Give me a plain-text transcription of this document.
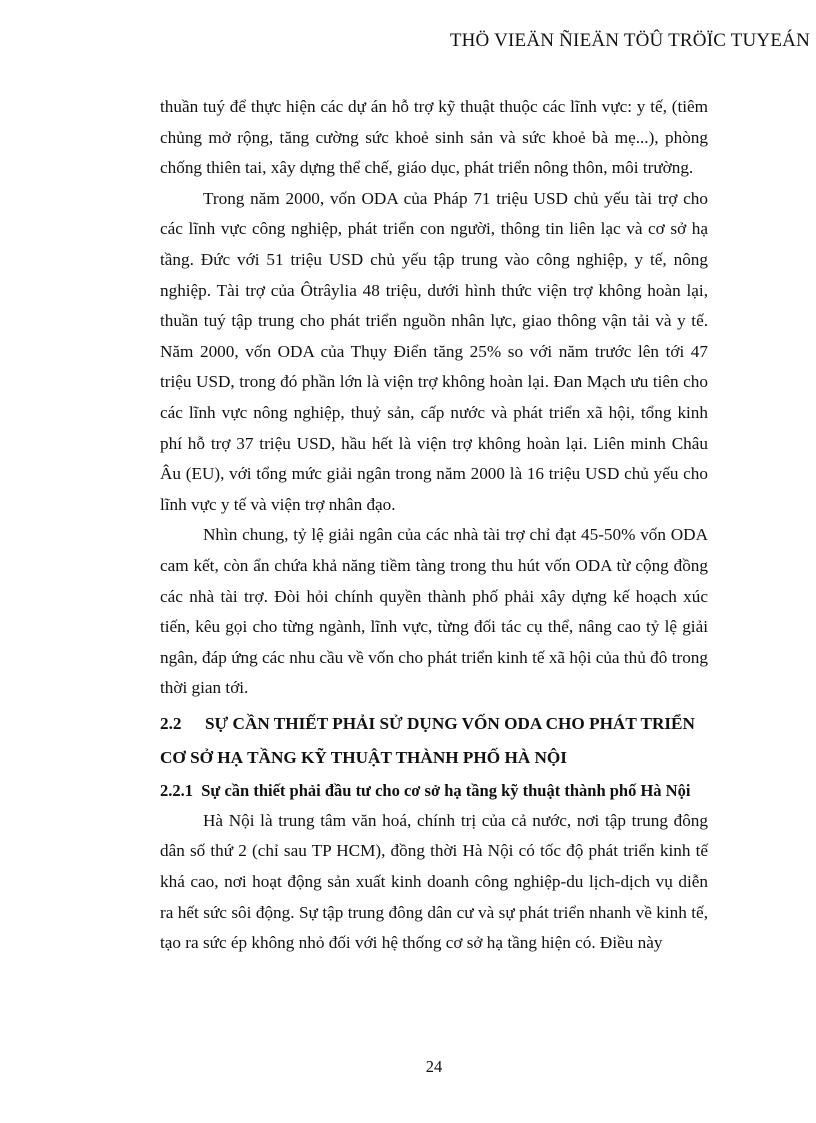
THÖ VIEÄN ÑIEÄN TÖÛ TRÖÏC TUYEÁN

thuần tuý để thực hiện các dự án hỗ trợ kỹ thuật thuộc các lĩnh vực: y tế, (tiêm chủng mở rộng, tăng cường sức khoẻ sinh sản và sức khoẻ bà mẹ...), phòng chống thiên tai, xây dựng thể chế, giáo dục, phát triển nông thôn, môi trường.

Trong năm 2000, vốn ODA của Pháp 71 triệu USD chủ yếu tài trợ cho các lĩnh vực công nghiệp, phát triển con người, thông tin liên lạc và cơ sở hạ tầng. Đức với 51 triệu USD chủ yếu tập trung vào công nghiệp, y tế, nông nghiệp. Tài trợ của Ôtrâylia 48 triệu, dưới hình thức viện trợ không hoàn lại, thuần tuý tập trung cho phát triển nguồn nhân lực, giao thông vận tải và y tế. Năm 2000, vốn ODA của Thụy Điển tăng 25% so với năm trước lên tới 47 triệu USD, trong đó phần lớn là viện trợ không hoàn lại. Đan Mạch ưu tiên cho các lĩnh vực nông nghiệp, thuỷ sản, cấp nước và phát triển xã hội, tổng kinh phí hỗ trợ 37 triệu USD, hầu hết là viện trợ không hoàn lại. Liên minh Châu Âu (EU), với tổng mức giải ngân trong năm 2000 là 16 triệu USD chủ yếu cho lĩnh vực y tế và viện trợ nhân đạo.

Nhìn chung, tỷ lệ giải ngân của các nhà tài trợ chỉ đạt 45-50% vốn ODA cam kết, còn ẩn chứa khả năng tiềm tàng trong thu hút vốn ODA từ cộng đồng các nhà tài trợ. Đòi hỏi chính quyền thành phố phải xây dựng kế hoạch xúc tiến, kêu gọi cho từng ngành, lĩnh vực, từng đối tác cụ thể, nâng cao tỷ lệ giải ngân, đáp ứng các nhu cầu về vốn cho phát triển kinh tế xã hội của thủ đô trong thời gian tới.

2.2 SỰ CẦN THIẾT PHẢI SỬ DỤNG VỐN ODA CHO PHÁT TRIỂN CƠ SỞ HẠ TẦNG KỸ THUẬT THÀNH PHỐ HÀ NỘI
2.2.1 Sự cần thiết phải đầu tư cho cơ sở hạ tầng kỹ thuật thành phố Hà Nội

Hà Nội là trung tâm văn hoá, chính trị của cả nước, nơi tập trung đông dân số thứ 2 (chỉ sau TP HCM), đồng thời Hà Nội có tốc độ phát triển kinh tế khá cao, nơi hoạt động sản xuất kinh doanh công nghiệp-du lịch-dịch vụ diễn ra hết sức sôi động. Sự tập trung đông dân cư và sự phát triển nhanh về kinh tế, tạo ra sức ép không nhỏ đối với hệ thống cơ sở hạ tầng hiện có. Điều này

24
